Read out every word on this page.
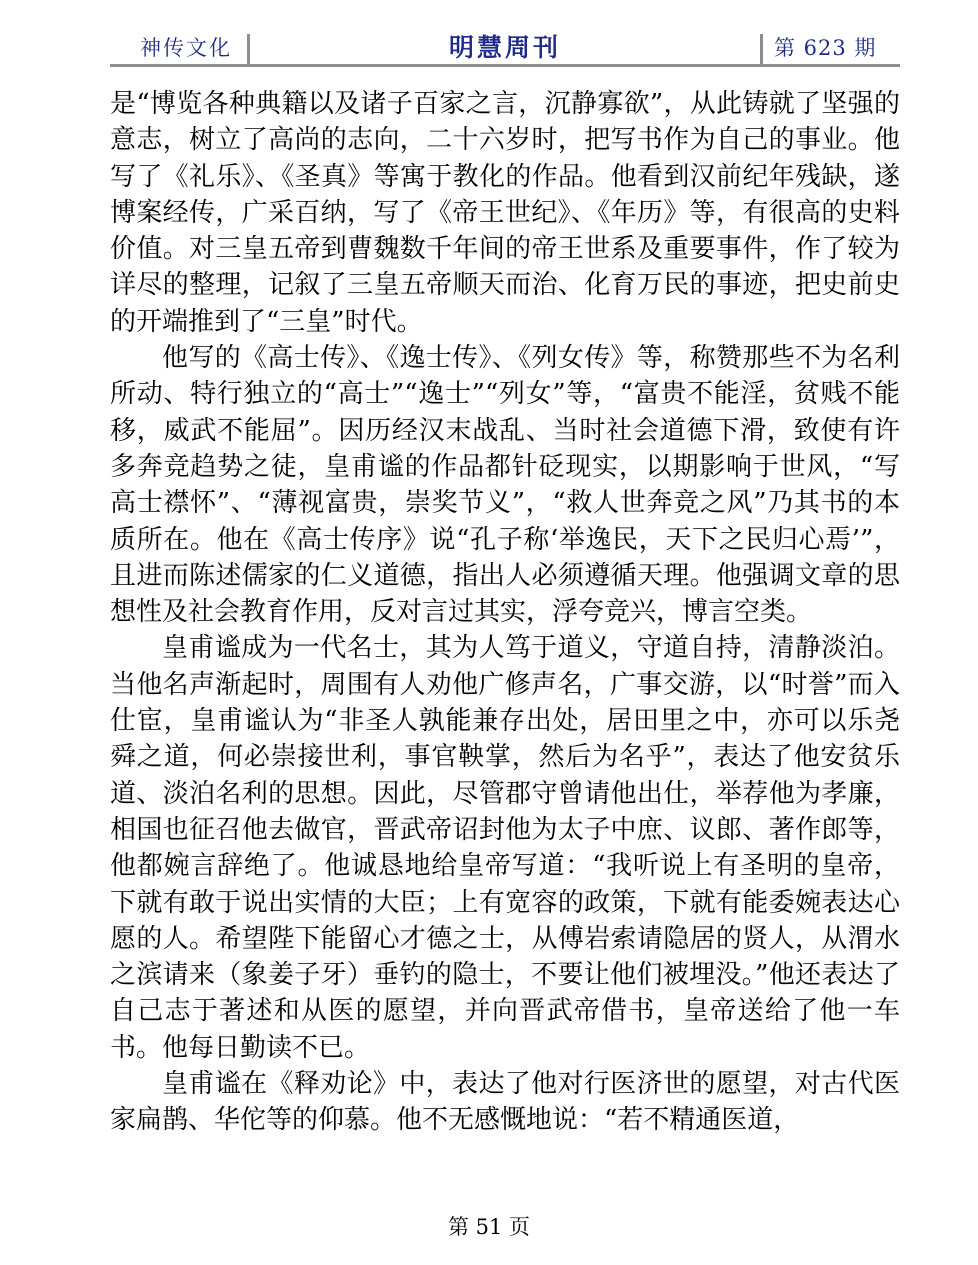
神传文化	明慧周刊	第 623 期

是“博览各种典籍以及诸子百家之言，沉静寡欲”，从此铸就了坚强的意志，树立了高尚的志向，二十六岁时，把写书作为自己的事业。他写了《礼乐》、《圣真》等寓于教化的作品。他看到汉前纪年残缺，遂博案经传，广采百纳，写了《帝王世纪》、《年历》等，有很高的史料价值。对三皇五帝到曹魏数千年间的帝王世系及重要事件，作了较为详尽的整理，记叙了三皇五帝顺天而治、化育万民的事迹，把史前史的开端推到了“三皇”时代。

他写的《高士传》、《逸士传》、《列女传》等，称赞那些不为名利所动、特行独立的“高士”“逸士”“列女”等，“富贵不能淫，贫贱不能移，威武不能屈”。因历经汉末战乱、当时社会道德下滑，致使有许多奔竞趋势之徒，皇甫谧的作品都针砭现实，以期影响于世风，“写高士襟怀”、“薄视富贵，崇奖节义”，“救人世奔竞之风”乃其书的本质所在。他在《高士传序》说“孔子称‘举逸民，天下之民归心焉’”，且进而陈述儒家的仁义道德，指出人必须遵循天理。他强调文章的思想性及社会教育作用，反对言过其实，浮夸竞兴，博言空类。

皇甫谧成为一代名士，其为人笃于道义，守道自持，清静淡泊。当他名声渐起时，周围有人劝他广修声名，广事交游，以“时誉”而入仕宦，皇甫谧认为“非圣人孰能兼存出处，居田里之中，亦可以乐尧舜之道，何必崇接世利，事官鞅掌，然后为名乎”，表达了他安贫乐道、淡泊名利的思想。因此，尽管郡守曾请他出仕，举荐他为孝廉，相国也征召他去做官，晋武帝诏封他为太子中庶、议郎、著作郎等，他都婉言辞绝了。他诚恳地给皇帝写道：“我听说上有圣明的皇帝，下就有敢于说出实情的大臣；上有宽容的政策，下就有能委婉表达心愿的人。希望陛下能留心才德之士，从傅岩索请隐居的贤人，从渭水之滨请来（象姜子牙）垂钓的隐士，不要让他们被埋没。”他还表达了自己志于著述和从医的愿望，并向晋武帝借书，皇帝送给了他一车书。他每日勤读不已。

皇甫谧在《释劝论》中，表达了他对行医济世的愿望，对古代医家扁鹊、华佗等的仰慕。他不无感慨地说：“若不精通医道，

第 51 页
